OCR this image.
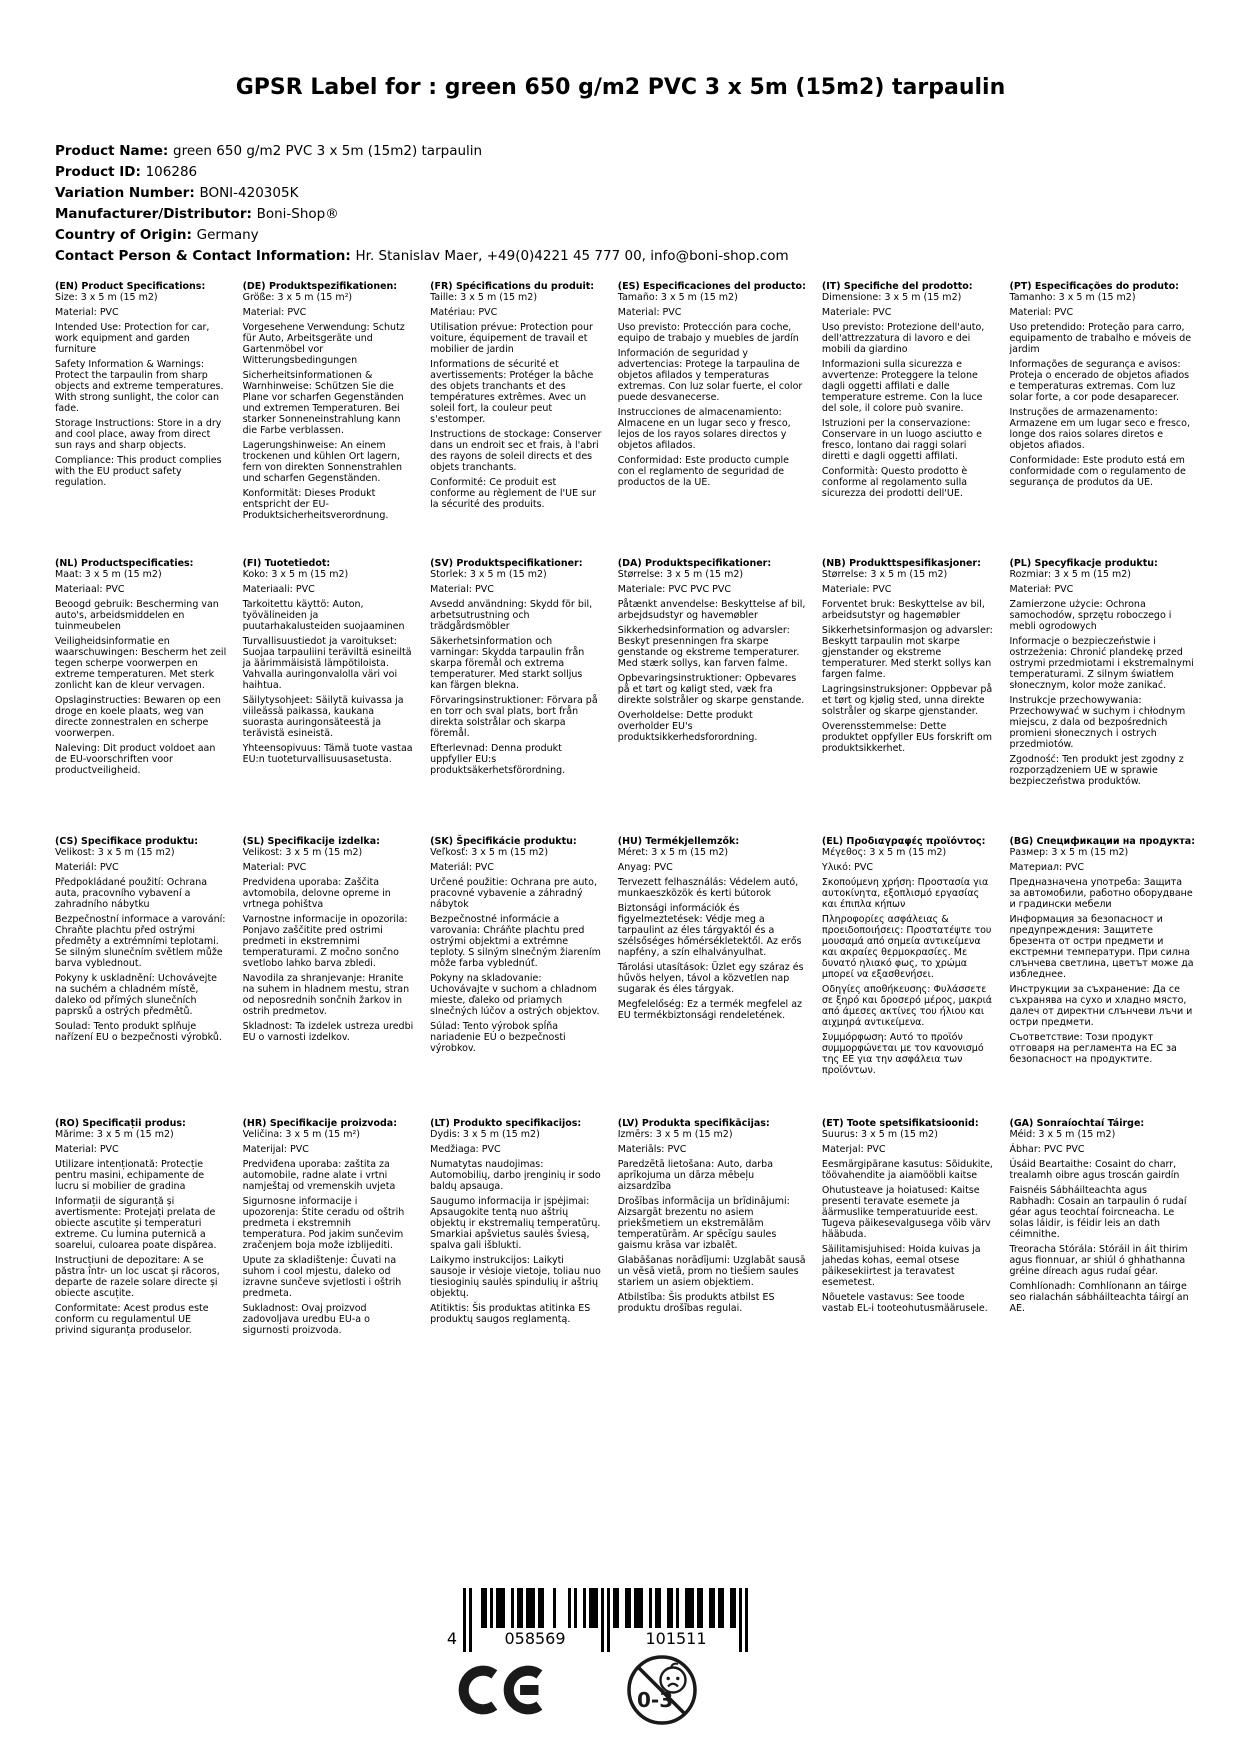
GPSR Label for : green 650 g/m2 PVC 3 x 5m (15m2) tarpaulin
Product Name: green 650 g/m2 PVC 3 x 5m (15m2) tarpaulin
Product ID: 106286
Variation Number: BONI-420305K
Manufacturer/Distributor: Boni-Shop®
Country of Origin: Germany
Contact Person & Contact Information: Hr. Stanislav Maer, +49(0)4221 45 777 00, info@boni-shop.com
(EN) Product Specifications:

Size: 3 x 5 m (15 m2)

Material: PVC

Intended Use: Protection for car, work equipment and garden furniture

Safety Information & Warnings: Protect the tarpaulin from sharp objects and extreme temperatures. With strong sunlight, the color can fade.

Storage Instructions: Store in a dry and cool place, away from direct sun rays and sharp objects.

Compliance: This product complies with the EU product safety regulation.

(DE) Produktspezifikationen:

Größe: 3 x 5 m (15 m²)

Material: PVC

Vorgesehene Verwendung: Schutz für Auto, Arbeitsgeräte und Gartenmöbel vor Witterungsbedingungen

Sicherheitsinformationen & Warnhinweise: Schützen Sie die Plane vor scharfen Gegenständen und extremen Temperaturen. Bei starker Sonneneinstrahlung kann die Farbe verblassen.

Lagerungshinweise: An einem trockenen und kühlen Ort lagern, fern von direkten Sonnenstrahlen und scharfen Gegenständen.

Konformität: Dieses Produkt entspricht der EU-Produktsicherheitsverordnung.

(FR) Spécifications du produit:

Taille: 3 x 5 m (15 m2)

Matériau: PVC

Utilisation prévue: Protection pour voiture, équipement de travail et mobilier de jardin

Informations de sécurité et avertissements: Protéger la bâche des objets tranchants et des températures extrêmes. Avec un soleil fort, la couleur peut s'estomper.

Instructions de stockage: Conserver dans un endroit sec et frais, à l'abri des rayons de soleil directs et des objets tranchants.

Conformité: Ce produit est conforme au règlement de l'UE sur la sécurité des produits.

(ES) Especificaciones del producto:

Tamaño: 3 x 5 m (15 m2)

Material: PVC

Uso previsto: Protección para coche, equipo de trabajo y muebles de jardín

Información de seguridad y advertencias: Protege la tarpaulina de objetos afilados y temperaturas extremas. Con luz solar fuerte, el color puede desvanecerse.

Instrucciones de almacenamiento: Almacene en un lugar seco y fresco, lejos de los rayos solares directos y objetos afilados.

Conformidad: Este producto cumple con el reglamento de seguridad de productos de la UE.

(IT) Specifiche del prodotto:

Dimensione: 3 x 5 m (15 m2)

Materiale: PVC

Uso previsto: Protezione dell'auto, dell'attrezzatura di lavoro e dei mobili da giardino

Informazioni sulla sicurezza e avvertenze: Proteggere la telone dagli oggetti affilati e dalle temperature estreme. Con la luce del sole, il colore può svanire.

Istruzioni per la conservazione: Conservare in un luogo asciutto e fresco, lontano dai raggi solari diretti e dagli oggetti affilati.

Conformità: Questo prodotto è conforme al regolamento sulla sicurezza dei prodotti dell'UE.

(PT) Especificações do produto:

Tamanho: 3 x 5 m (15 m2)

Material: PVC

Uso pretendido: Proteção para carro, equipamento de trabalho e móveis de jardim

Informações de segurança e avisos: Proteja o encerado de objetos afiados e temperaturas extremas. Com luz solar forte, a cor pode desaparecer.

Instruções de armazenamento: Armazene em um lugar seco e fresco, longe dos raios solares diretos e objetos afiados.

Conformidade: Este produto está em conformidade com o regulamento de segurança de produtos da UE.

(NL) Productspecificaties:

Maat: 3 x 5 m (15 m2)

Materiaal: PVC

Beoogd gebruik: Bescherming van auto's, arbeidsmiddelen en tuinmeubelen

Veiligheidsinformatie en waarschuwingen: Bescherm het zeil tegen scherpe voorwerpen en extreme temperaturen. Met sterk zonlicht kan de kleur vervagen.

Opslaginstructies: Bewaren op een droge en koele plaats, weg van directe zonnestralen en scherpe voorwerpen.

Naleving: Dit product voldoet aan de EU-voorschriften voor productveiligheid.

(FI) Tuotetiedot:

Koko: 3 x 5 m (15 m2)

Materiaali: PVC

Tarkoitettu käyttö: Auton, työvälineiden ja puutarhakalusteiden suojaaminen

Turvallisuustiedot ja varoitukset: Suojaa tarpauliini teräviltä esineiltä ja äärimmäisistä lämpötiloista. Vahvalla auringonvalolla väri voi haihtua.

Säilytysohjeet: Säilytä kuivassa ja viileässä paikassa, kaukana suorasta auringonsäteestä ja terävistä esineistä.

Yhteensopivuus: Tämä tuote vastaa EU:n tuoteturvallisuusasetusta.

(SV) Produktspecifikationer:

Storlek: 3 x 5 m (15 m2)

Material: PVC

Avsedd användning: Skydd för bil, arbetsutrustning och trädgårdsmöbler

Säkerhetsinformation och varningar: Skydda tarpaulin från skarpa föremål och extrema temperaturer. Med starkt solljus kan färgen blekna.

Förvaringsinstruktioner: Förvara på en torr och sval plats, bort från direkta solstrålar och skarpa föremål.

Efterlevnad: Denna produkt uppfyller EU:s produktsäkerhetsförordning.

(DA) Produktspecifikationer:

Størrelse: 3 x 5 m (15 m2)

Materiale: PVC PVC PVC

Påtænkt anvendelse: Beskyttelse af bil, arbejdsudstyr og havemøbler

Sikkerhedsinformation og advarsler: Beskyt presenningen fra skarpe genstande og ekstreme temperaturer. Med stærk sollys, kan farven falme.

Opbevaringsinstruktioner: Opbevares på et tørt og køligt sted, væk fra direkte solstråler og skarpe genstande.

Overholdelse: Dette produkt overholder EU's produktsikkerhedsforordning.

(NB) Produkttspesifikasjoner:

Størrelse: 3 x 5 m (15 m2)

Materiale: PVC

Forventet bruk: Beskyttelse av bil, arbeidsutstyr og hagemøbler

Sikkerhetsinformasjon og advarsler: Beskytt tarpaulin mot skarpe gjenstander og ekstreme temperaturer. Med sterkt sollys kan fargen falme.

Lagringsinstruksjoner: Oppbevar på et tørt og kjølig sted, unna direkte solstråler og skarpe gjenstander.

Overensstemmelse: Dette produktet oppfyller EUs forskrift om produktsikkerhet.

(PL) Specyfikacje produktu:

Rozmiar: 3 x 5 m (15 m2)

Materiał: PVC

Zamierzone użycie: Ochrona samochodów, sprzętu roboczego i mebli ogrodowych

Informacje o bezpieczeństwie i ostrzeżenia: Chronić plandekę przed ostrymi przedmiotami i ekstremalnymi temperaturami. Z silnym światłem słonecznym, kolor może zanikać.

Instrukcje przechowywania: Przechowywać w suchym i chłodnym miejscu, z dala od bezpośrednich promieni słonecznych i ostrych przedmiotów.

Zgodność: Ten produkt jest zgodny z rozporządzeniem UE w sprawie bezpieczeństwa produktów.

(CS) Specifikace produktu:

Velikost: 3 x 5 m (15 m2)

Materiál: PVC

Předpokládané použití: Ochrana auta, pracovního vybavení a zahradního nábytku

Bezpečnostní informace a varování: Chraňte plachtu před ostrými předměty a extrémními teplotami. Se silným slunečním světlem může barva vyblednout.

Pokyny k uskladnění: Uchovávejte na suchém a chladném místě, daleko od přímých slunečních paprsků a ostrých předmětů.

Soulad: Tento produkt splňuje nařízení EU o bezpečnosti výrobků.

(SL) Specifikacije izdelka:

Velikost: 3 x 5 m (15 m2)

Material: PVC

Predvidena uporaba: Zaščita avtomobila, delovne opreme in vrtnega pohištva

Varnostne informacije in opozorila: Ponjavo zaščitite pred ostrimi predmeti in ekstremnimi temperaturami. Z močno sončno svetlobo lahko barva zbledi.

Navodila za shranjevanje: Hranite na suhem in hladnem mestu, stran od neposrednih sončnih žarkov in ostrih predmetov.

Skladnost: Ta izdelek ustreza uredbi EU o varnosti izdelkov.

(SK) Špecifikácie produktu:

Veľkosť: 3 x 5 m (15 m2)

Materiál: PVC

Určené použitie: Ochrana pre auto, pracovné vybavenie a záhradný nábytok

Bezpečnostné informácie a varovania: Chráňte plachtu pred ostrými objektmi a extrémne teploty. S silným slnečným žiarením môže farba vyblednúť.

Pokyny na skladovanie: Uchovávajte v suchom a chladnom mieste, ďaleko od priamych slnečných lúčov a ostrých objektov.

Súlad: Tento výrobok spĺňa nariadenie EÚ o bezpečnosti výrobkov.

(HU) Termékjellemzők:

Méret: 3 x 5 m (15 m2)

Anyag: PVC

Tervezett felhasználás: Védelem autó, munkaeszközök és kerti bútorok

Biztonsági információk és figyelmeztetések: Védje meg a tarpaulint az éles tárgyaktól és a szélsőséges hőmérsékletektől. Az erős napfény, a szín elhalványulhat.

Tárolási utasítások: Üzlet egy száraz és hűvös helyen, távol a közvetlen nap sugarak és éles tárgyak.

Megfelelőség: Ez a termék megfelel az EU termékbiztonsági rendeletének.

(EL) Προδιαγραφές προϊόντος:

Μέγεθος: 3 x 5 m (15 m2)

Υλικό: PVC

Σκοπούμενη χρήση: Προστασία για αυτοκίνητα, εξοπλισμό εργασίας και έπιπλα κήπων

Πληροφορίες ασφάλειας & προειδοποιήσεις: Προστατέψτε του μουσαμά από σημεία αντικείμενα και ακραίες θερμοκρασίες. Με δυνατό ηλιακό φως, το χρώμα μπορεί να εξασθενήσει.

Οδηγίες αποθήκευσης: Φυλάσσετε σε ξηρό και δροσερό μέρος, μακριά από άμεσες ακτίνες του ήλιου και αιχμηρά αντικείμενα.

Συμμόρφωση: Αυτό το προϊόν συμμορφώνεται με τον κανονισμό της ΕΕ για την ασφάλεια των προϊόντων.

(BG) Спецификации на продукта:

Размер: 3 x 5 m (15 m2)

Материал: PVC

Предназначена употреба: Защита за автомобили, работно оборудване и градински мебели

Информация за безопасност и предупреждения: Защитете брезента от остри предмети и екстремни температури. При силна слънчева светлина, цветът може да избледнее.

Инструкции за съхранение: Да се съхранява на сухо и хладно място, далеч от директни слънчеви лъчи и остри предмети.

Съответствие: Този продукт отговаря на регламента на ЕС за безопасност на продуктите.

(RO) Specificații produs:

Mărime: 3 x 5 m (15 m2)

Material: PVC

Utilizare intenționată: Protecție pentru masini, echipamente de lucru si mobilier de gradina

Informații de siguranță și avertismente: Protejați prelata de obiecte ascuțite și temperaturi extreme. Cu lumina puternică a soarelui, culoarea poate dispărea.

Instrucțiuni de depozitare: A se păstra într- un loc uscat și răcoros, departe de razele solare directe și obiecte ascuțite.

Conformitate: Acest produs este conform cu regulamentul UE privind siguranța produselor.

(HR) Specifikacije proizvoda:

Veličina: 3 x 5 m (15 m²)

Materijal: PVC

Predviđena uporaba: zaštita za automobile, radne alate i vrtni namještaj od vremenskih uvjeta

Sigurnosne informacije i upozorenja: Štite ceradu od oštrih predmeta i ekstremnih temperatura. Pod jakim sunčevim zračenjem boja može izblijediti.

Upute za skladištenje: Čuvati na suhom i cool mjestu, daleko od izravne sunčeve svjetlosti i oštrih predmeta.

Sukladnost: Ovaj proizvod zadovoljava uredbu EU-a o sigurnosti proizvoda.

(LT) Produkto specifikacijos:

Dydis: 3 x 5 m (15 m2)

Medžiaga: PVC

Numatytas naudojimas: Automobilių, darbo įrenginių ir sodo baldų apsauga.

Saugumo informacija ir įspėjimai: Apsaugokite tentą nuo aštrių objektų ir ekstremalių temperatūrų. Smarkiai apšvietus saulės šviesą, spalva gali išblukti.

Laikymo instrukcijos: Laikyti sausoje ir vėsioje vietoje, toliau nuo tiesioginių saulės spindulių ir aštrių objektų.

Atitiktis: Šis produktas atitinka ES produktų saugos reglamentą.

(LV) Produkta specifikācijas:

Izmērs: 3 x 5 m (15 m2)

Materiāls: PVC

Paredzētā lietošana: Auto, darba aprīkojuma un dārza mēbeļu aizsardzība

Drošības informācija un brīdinājumi: Aizsargāt brezentu no asiem priekšmetiem un ekstremālām temperatūrām. Ar spēcīgu saules gaismu krāsa var izbalēt.

Glabāšanas norādījumi: Uzglabāt sausā un vēsā vietā, prom no tiešiem saules stariem un asiem objektiem.

Atbilstība: Šis produkts atbilst ES produktu drošības regulai.

(ET) Toote spetsifikatsioonid:

Suurus: 3 x 5 m (15 m2)

Materjal: PVC

Eesmärgipärane kasutus: Sõidukite, töövahendite ja aiamööbli kaitse

Ohutusteave ja hoiatused: Kaitse presenti teravate esemete ja äärmuslike temperatuuride eest. Tugeva päikesevalgusega võib värv hääbuda.

Säilitamisjuhised: Hoida kuivas ja jahedas kohas, eemal otsese päikesekiirtest ja teravatest esemetest.

Nõuetele vastavus: See toode vastab EL-i tooteohutusmäärusele.

(GA) Sonraíochtaí Táirge:

Méid: 3 x 5 m (15 m2)

Ábhar: PVC PVC

Úsáid Beartaithe: Cosaint do charr, trealamh oibre agus troscán gairdín

Faisnéis Sábháilteachta agus Rabhadh: Cosain an tarpaulin ó rudaí géar agus teochtaí foircneacha. Le solas láidir, is féidir leis an dath céimnithe.

Treoracha Stórála: Stóráil in áit thirim agus fionnuar, ar shiúl ó ghhathanna gréine díreach agus rudaí géar.

Comhlíonadh: Comhlíonann an táirge seo rialachán sábháilteachta táirgí an AE.

4	058569	101511
0-3
